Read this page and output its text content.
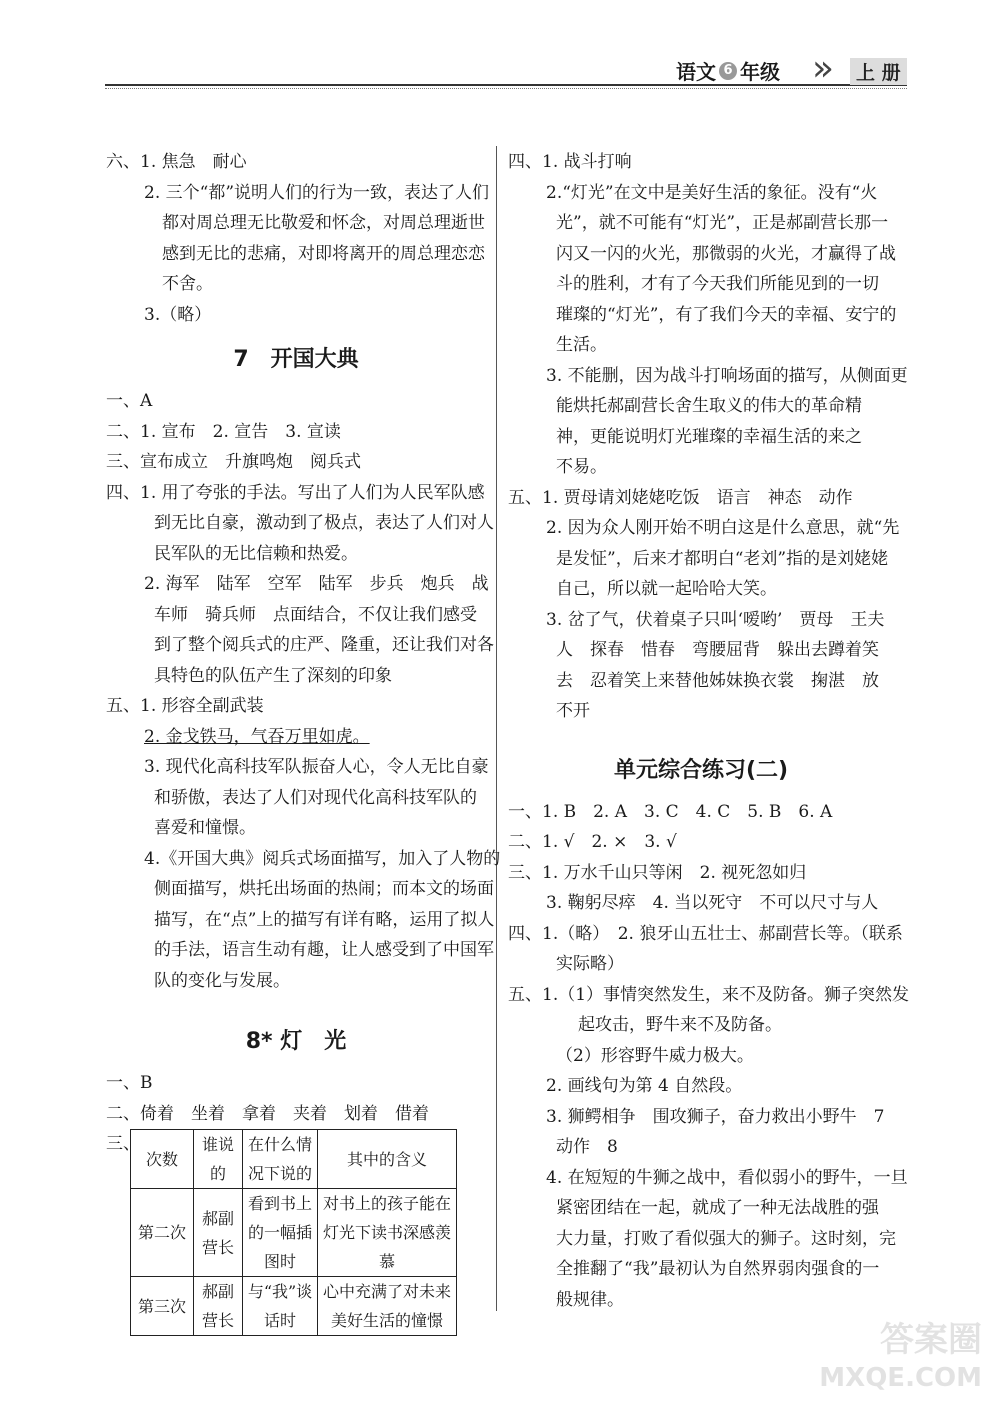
语文 6 年级 »	上 册
六、1. 焦急　耐心
2. 三个“都”说明人们的行为一致，表达了人们
都对周总理无比敬爱和怀念，对周总理逝世
感到无比的悲痛，对即将离开的周总理恋恋
不舍。
3.（略）
7　开国大典
一、A
二、1. 宣布　2. 宣告　3. 宣读
三、宣布成立　升旗鸣炮　阅兵式
四、1. 用了夸张的手法。写出了人们为人民军队感
到无比自豪，激动到了极点，表达了人们对人
民军队的无比信赖和热爱。
2. 海军　陆军　空军　陆军　步兵　炮兵　战
车师　骑兵师　点面结合，不仅让我们感受
到了整个阅兵式的庄严、隆重，还让我们对各
具特色的队伍产生了深刻的印象
五、1. 形容全副武装
2. 金戈铁马，气吞万里如虎。
3. 现代化高科技军队振奋人心，令人无比自豪
和骄傲，表达了人们对现代化高科技军队的
喜爱和憧憬。
4.《开国大典》阅兵式场面描写，加入了人物的
侧面描写，烘托出场面的热闹；而本文的场面
描写，在“点”上的描写有详有略，运用了拟人
的手法，语言生动有趣，让人感受到了中国军
队的变化与发展。
8* 灯　光
一、B
二、倚着　坐着　拿着　夹着　划着　借着
三、
次数	谁说的	在什么情况下说的	其中的含义
第二次	郝副营长	看到书上的一幅插图时	对书上的孩子能在灯光下读书深感羡慕
第三次	郝副营长	与“我”谈话时	心中充满了对未来美好生活的憧憬
四、1. 战斗打响
2.“灯光”在文中是美好生活的象征。没有“火
光”，就不可能有“灯光”，正是郝副营长那一
闪又一闪的火光，那微弱的火光，才赢得了战
斗的胜利，才有了今天我们所能见到的一切
璀璨的“灯光”，有了我们今天的幸福、安宁的
生活。
3. 不能删，因为战斗打响场面的描写，从侧面更
能烘托郝副营长舍生取义的伟大的革命精
神，更能说明灯光璀璨的幸福生活的来之
不易。
五、1. 贾母请刘姥姥吃饭　语言　神态　动作
2. 因为众人刚开始不明白这是什么意思，就“先
是发怔”，后来才都明白“老刘”指的是刘姥姥
自己，所以就一起哈哈大笑。
3. 岔了气，伏着桌子只叫‘嗳哟’　贾母　王夫
人　探春　惜春　弯腰屈背　躲出去蹲着笑
去　忍着笑上来替他姊妹换衣裳　掬湛　放
不开
单元综合练习(二)
一、1. B　2. A　3. C　4. C　5. B　6. A
二、1. √　2. ×　3. √
三、1. 万水千山只等闲　2. 视死忽如归
3. 鞠躬尽瘁　4. 当以死守　不可以尺寸与人
四、1.（略）　2. 狼牙山五壮士、郝副营长等。（联系
实际略）
五、1.（1）事情突然发生，来不及防备。狮子突然发
起攻击，野牛来不及防备。
（2）形容野牛威力极大。
2. 画线句为第 4 自然段。
3. 狮鳄相争　围攻狮子，奋力救出小野牛　7
动作　8
4. 在短短的牛狮之战中，看似弱小的野牛，一旦
紧密团结在一起，就成了一种无法战胜的强
大力量，打败了看似强大的狮子。这时刻，完
全推翻了“我”最初认为自然界弱肉强食的一
般规律。
答案圈
MXQE.COM
